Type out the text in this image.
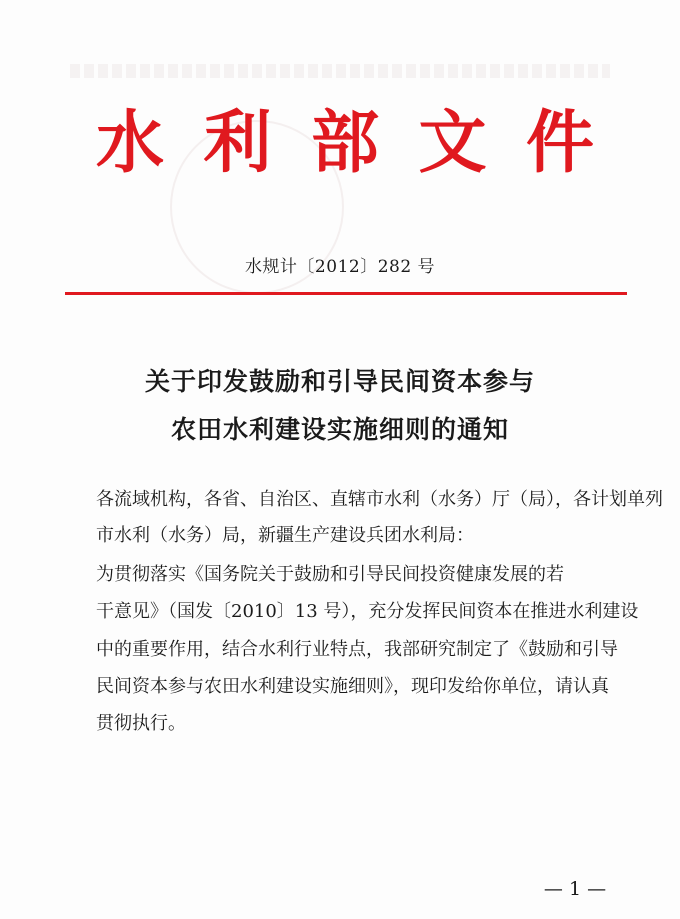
水 利 部 文 件
水规计〔2012〕282 号
关于印发鼓励和引导民间资本参与
农田水利建设实施细则的通知
各流域机构，各省、自治区、直辖市水利（水务）厅（局），各计划单列
市水利（水务）局，新疆生产建设兵团水利局：
为贯彻落实《国务院关于鼓励和引导民间投资健康发展的若
干意见》（国发〔2010〕13 号），充分发挥民间资本在推进水利建设
中的重要作用，结合水利行业特点，我部研究制定了《鼓励和引导
民间资本参与农田水利建设实施细则》，现印发给你单位，请认真
贯彻执行。
— 1 —
